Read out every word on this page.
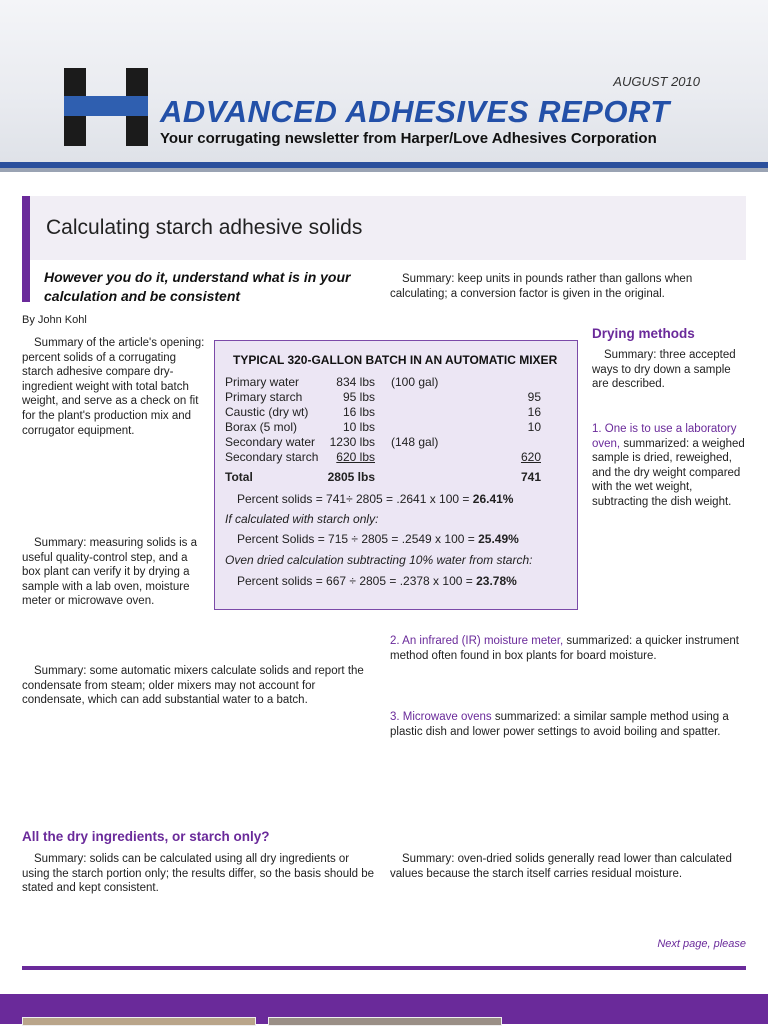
AUGUST 2010
ADVANCED ADHESIVES REPORT
Your corrugating newsletter from Harper/Love Adhesives Corporation
Calculating starch adhesive solids
However you do it, understand what is in your calculation and be consistent
By John Kohl

Summary of the article's opening: percent solids of a corrugating starch adhesive compare dry-ingredient weight with total batch weight, and serve as a check on fit for the plant's production mix and corrugator equipment.

Summary: measuring solids is a useful quality-control step, and a box plant can verify it by drying a sample with a lab oven, moisture meter or microwave oven.

Summary: some automatic mixers calculate solids and report the condensate from steam; older mixers may not account for condensate, which can add substantial water to a batch.

All the dry ingredients, or starch only?

Summary: solids can be calculated using all dry ingredients or using the starch portion only; the results differ, so the basis should be stated and kept consistent.

Summary: keep units in pounds rather than gallons when calculating; a conversion factor is given in the original.

Drying methods

Summary: three accepted ways to dry down a sample are described.

1. One is to use a laboratory oven, summarized: a weighed sample is dried, reweighed, and the dry weight compared with the wet weight, subtracting the dish weight.
2. An infrared (IR) moisture meter, summarized: a quicker instrument method often found in box plants for board moisture.
3. Microwave ovens summarized: a similar sample method using a plastic dish and lower power settings to avoid boiling and spatter.

Summary: oven-dried solids generally read lower than calculated values because the starch itself carries residual moisture.

TYPICAL 320-GALLON BATCH IN AN AUTOMATIC MIXER
Primary water	834 lbs (100 gal)
Primary starch	95 lbs	95
Caustic (dry wt)	16 lbs	16
Borax (5 mol)	10 lbs	10
Secondary water	1230 lbs (148 gal)
Secondary starch	620 lbs	620
Total	2805 lbs	741
Percent solids = 741÷ 2805 = .2641 x 100 = 26.41%
If calculated with starch only:
Percent Solids = 715 ÷ 2805 = .2549 x 100 = 25.49%
Oven dried calculation subtracting 10% water from starch:
Percent solids = 667 ÷ 2805 = .2378 x 100 = 23.78%
Next page, please
